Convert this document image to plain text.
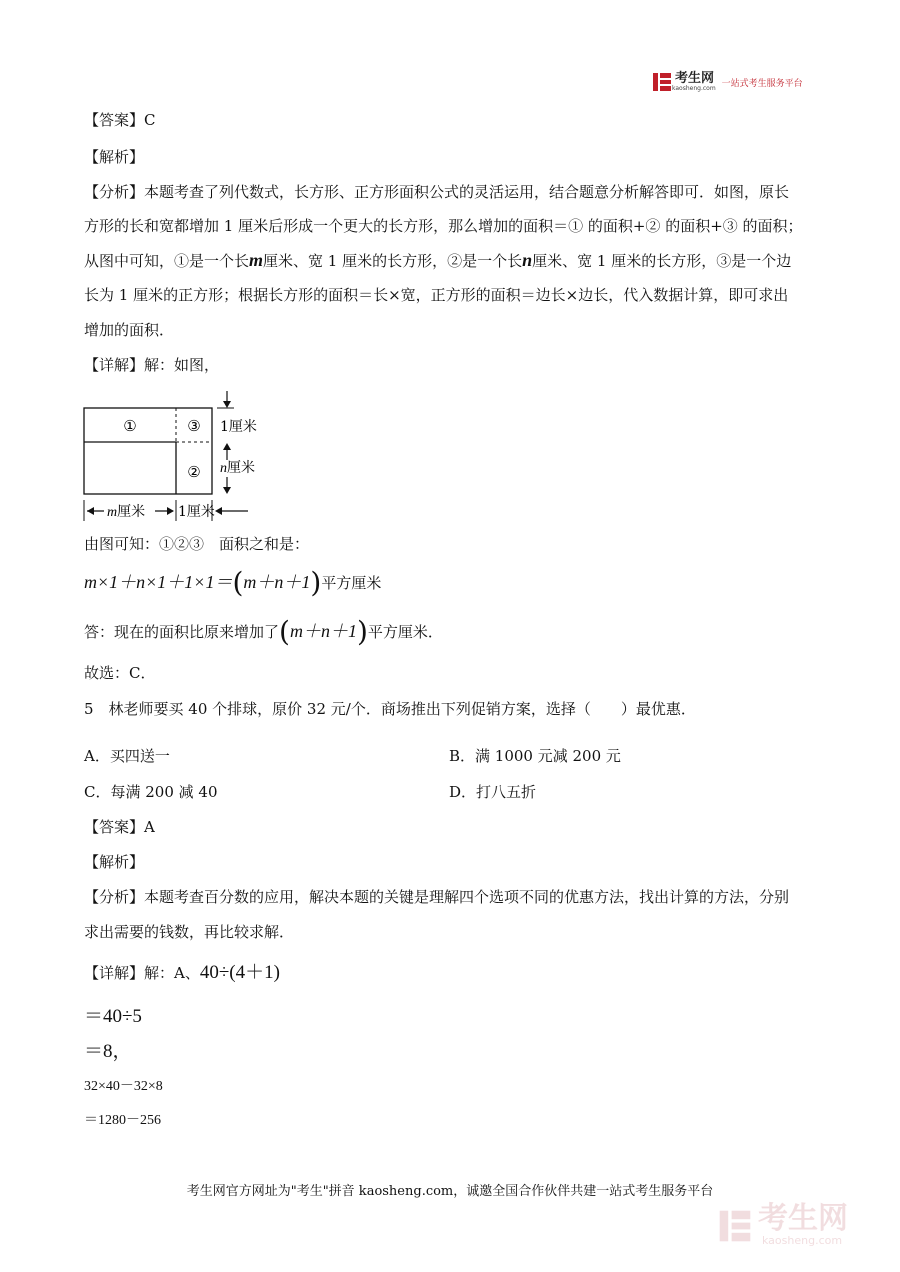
考生网
kaosheng.com 一站式考生服务平台
【答案】C
【解析】
【分析】本题考查了列代数式，长方形、正方形面积公式的灵活运用，结合题意分析解答即可．如图，原长
方形的长和宽都增加 1 厘米后形成一个更大的长方形，那么增加的面积＝① 的面积+② 的面积+③ 的面积；
从图中可知，①是一个长m厘米、宽 1 厘米的长方形，②是一个长n厘米、宽 1 厘米的长方形，③是一个边
长为 1 厘米的正方形；根据长方形的面积＝长×宽，正方形的面积＝边长×边长，代入数据计算，即可求出
增加的面积．
【详解】解：如图，
①	③
②
1厘米
n厘米
m厘米 1厘米
由图可知：①②③　面积之和是：
m×1＋n×1＋1×1＝(m＋n＋1)平方厘米
答：现在的面积比原来增加了(m＋n＋1)平方厘米．
故选：C．
5　林老师要买 40 个排球，原价 32 元/个．商场推出下列促销方案，选择（　　）最优惠．
A．买四送一	B．满 1000 元减 200 元
C．每满 200 减 40	D．打八五折
【答案】A
【解析】
【分析】本题考查百分数的应用，解决本题的关键是理解四个选项不同的优惠方法，找出计算的方法，分别
求出需要的钱数，再比较求解．
【详解】解：A、40÷(4＋1)
＝40÷5
＝8，
32×40－32×8
＝1280－256
考生网官方网址为"考生"拼音 kaosheng.com，诚邀全国合作伙伴共建一站式考生服务平台
考生网
kaosheng.com
